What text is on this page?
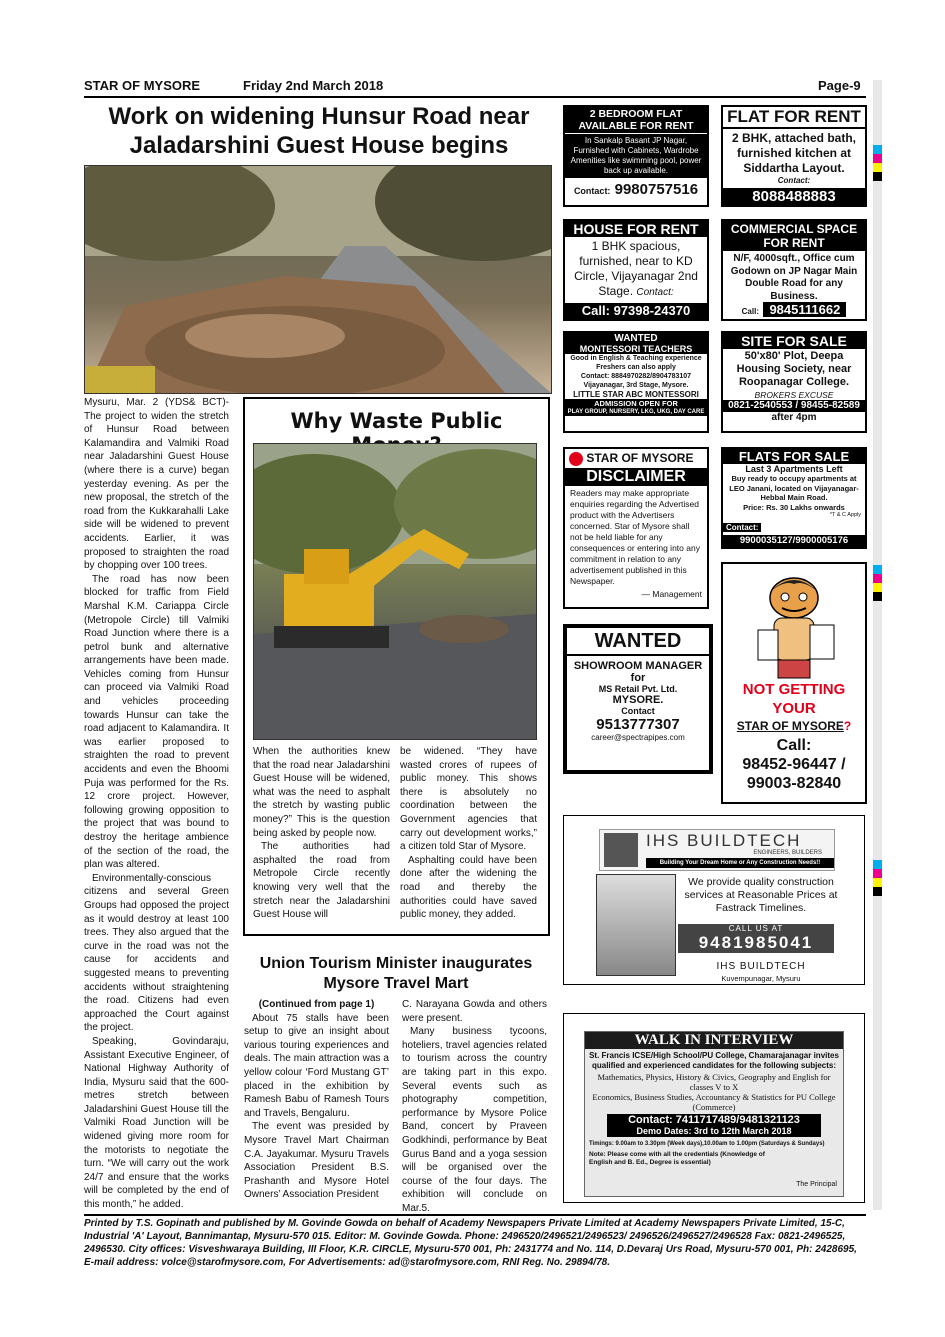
STAR OF MYSORE	Friday 2nd March 2018	Page-9
Work on widening Hunsur Road near Jaladarshini Guest House begins

Mysuru, Mar. 2 (YDS& BCT)- The project to widen the stretch of Hunsur Road between Kalamandira and Valmiki Road near Jaladarshini Guest House (where there is a curve) began yesterday evening. As per the new proposal, the stretch of the road from the Kukkarahalli Lake side will be widened to prevent accidents. Earlier, it was proposed to straighten the road by chopping over 100 trees.

The road has now been blocked for traffic from Field Marshal K.M. Cariappa Circle (Metropole Circle) till Valmiki Road Junction where there is a petrol bunk and alternative arrangements have been made. Vehicles coming from Hunsur can proceed via Valmiki Road and vehicles proceeding towards Hunsur can take the road adjacent to Kalamandira. It was earlier proposed to straighten the road to prevent accidents and even the Bhoomi Puja was performed for the Rs. 12 crore project. However, following growing opposition to the project that was bound to destroy the heritage ambience of the section of the road, the plan was altered.

Environmentally-conscious citizens and several Green Groups had opposed the project as it would destroy at least 100 trees. They also argued that the curve in the road was not the cause for accidents and suggested means to preventing accidents without straightening the road. Citizens had even approached the Court against the project.

Speaking, Govindaraju, Assistant Executive Engineer, of National Highway Authority of India, Mysuru said that the 600-metres stretch between Jaladarshini Guest House till the Valmiki Road Junction will be widened giving more room for the motorists to negotiate the turn. “We will carry out the work 24/7 and ensure that the works will be completed by the end of this month,” he added.

Why Waste Public

When the authorities knew that the road near Jaladarshini Guest House will be widened, what was the need to asphalt the stretch by wasting public money?” This is the question being asked by people now.

The authorities had asphalted the road from Metropole Circle recently knowing very well that the stretch near the Jaladarshini Guest House will

be widened. “They have wasted crores of rupees of public money. This shows there is absolutely no coordination between the Government agencies that carry out development works,” a citizen told Star of Mysore.

Asphalting could have been done after the widening the road and thereby the authorities could have saved public money, they added.

Union Tourism Minister inaugurates Mysore Travel Mart
(Continued from page 1)

About 75 stalls have been setup to give an insight about various touring experiences and deals. The main attraction was a yellow colour ‘Ford Mustang GT’ placed in the exhibition by Ramesh Babu of Ramesh Tours and Travels, Bengaluru.

The event was presided by Mysore Travel Mart Chairman C.A. Jayakumar. Mysuru Travels Association President B.S. Prashanth and Mysore Hotel Owners’ Association President

C. Narayana Gowda and others were present.

Many business tycoons, hoteliers, travel agencies related to tourism across the country are taking part in this expo. Several events such as photography competition, performance by Mysore Police Band, concert by Praveen Godkhindi, performance by Beat Gurus Band and a yoga session will be organised over the course of the four days. The exhibition will conclude on Mar.5.

2 BEDROOM FLAT AVAILABLE FOR RENT
In Sankalp Basant JP Nagar, Furnished with Cabinets, Wardrobe Amenities like swimming pool, power back up available.
Contact: 9980757516
HOUSE FOR RENT
1 BHK spacious, furnished, near to KD Circle, Vijayanagar 2nd Stage. Contact:
Call: 97398-24370
WANTED
MONTESSORI TEACHERS
Good in English & Teaching experience
Freshers can also apply
Contact: 8884970282/8904783107
Vijayanagar, 3rd Stage, Mysore.
LITTLE STAR ABC MONTESSORI
ADMISSION OPEN FOR
PLAY GROUP, NURSERY, LKG, UKG, DAY CARE
STAR OF MYSORE
DISCLAIMER
Readers may make appropriate enquiries regarding the Advertised product with the Advertisers concerned. Star of Mysore shall not be held liable for any consequences or entering into any commitment in relation to any advertisement published in this Newspaper.
— Management
WANTED
SHOWROOM MANAGER
for
MS Retail Pvt. Ltd.
MYSORE.
Contact
9513777307
career@spectrapipes.com
FLAT FOR RENT
2 BHK, attached bath, furnished kitchen at Siddartha Layout.
Contact:
8088488883
COMMERCIAL SPACE FOR RENT
N/F, 4000sqft., Office cum Godown on JP Nagar Main Double Road for any Business.
Call: 9845111662
SITE FOR SALE
50'x80' Plot, Deepa Housing Society, near Roopanagar College.
BROKERS EXCUSE
0821-2540553 / 98455-82589
after 4pm
FLATS FOR SALE
Last 3 Apartments Left
Buy ready to occupy apartments at LEO Janani, located on Vijayanagar-Hebbal Main Road.
Price: Rs. 30 Lakhs onwards
*T & C Apply
Contact:
9900035127/9900005176
NOT GETTING
YOUR
STAR OF MYSORE?
Call:
98452-96447 /
99003-82840
IHS BUILDTECH
ENGINEERS, BUILDERS
Building Your Dream Home or Any Construction Needs!!
We provide quality construction services at Reasonable Prices at Fastrack Timelines.
CALL US AT
9481985041
IHS BUILDTECH
Kuvempunagar, Mysuru
WALK IN INTERVIEW
St. Francis ICSE/High School/PU College, Chamarajanagar invites qualified and experienced candidates for the following subjects:
Mathematics, Physics, History & Civics, Geography and English for classes V to X
Economics, Business Studies, Accountancy & Statistics for PU College (Commerce)
Contact: 7411717489/9481321123
Demo Dates: 3rd to 12th March 2018
Timings: 9.00am to 3.30pm (Week days),10.00am to 1.00pm (Saturdays & Sundays)
Note: Please come with all the credentials (Knowledge of English and B. Ed., Degree is essential)
The Principal
Printed by T.S. Gopinath and published by M. Govinde Gowda on behalf of Academy Newspapers Private Limited at Academy Newspapers Private Limited, 15-C, Industrial 'A' Layout, Bannimantap, Mysuru-570 015. Editor: M. Govinde Gowda. Phone: 2496520/2496521/2496523/ 2496526/2496527/2496528 Fax: 0821-2496525, 2496530. City offices: Visveshwaraya Building, III Floor, K.R. CIRCLE, Mysuru-570 001, Ph: 2431774 and No. 114, D.Devaraj Urs Road, Mysuru-570 001, Ph: 2428695, E-mail address: volce@starofmysore.com, For Advertisements: ad@starofmysore.com, RNI Reg. No. 29894/78.
